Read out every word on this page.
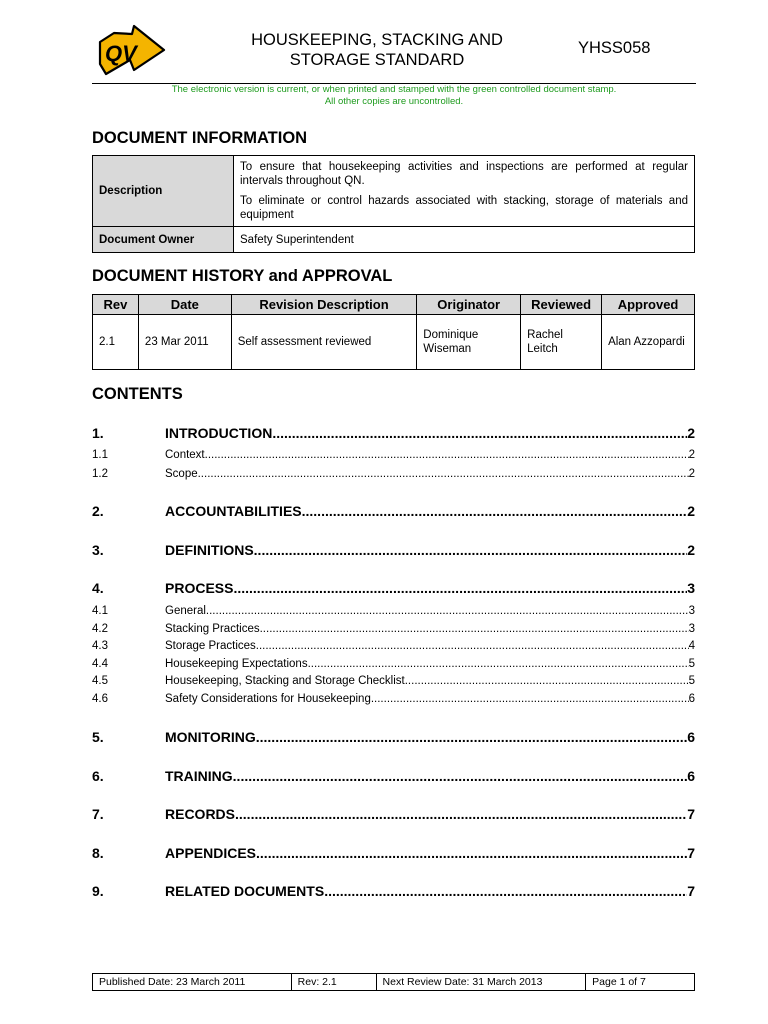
QV
HOUSKEEPING, STACKING AND
STORAGE STANDARD
YHSS058
The electronic version is current, or when printed and stamped with the green controlled document stamp.
All other copies are uncontrolled.
DOCUMENT INFORMATION
Description	To ensure that housekeeping activities and inspections are performed at regular intervals throughout QN.

To eliminate or control hazards associated with stacking, storage of materials and equipment

Document Owner	Safety Superintendent
DOCUMENT HISTORY and APPROVAL
Rev	Date	Revision Description	Originator	Reviewed	Approved
2.1	23 Mar 2011	Self assessment reviewed	Dominique Wiseman	Rachel Leitch	Alan Azzopardi
CONTENTS
1.	INTRODUCTION .....	2
1.1	Context .....	2
1.2	Scope .....	2
2.	ACCOUNTABILITIES .....	2
3.	DEFINITIONS .....	2
4.	PROCESS .....	3
4.1	General .....	3
4.2	Stacking Practices .....	3
4.3	Storage Practices .....	4
4.4	Housekeeping Expectations .....	5
4.5	Housekeeping, Stacking and Storage Checklist .....	5
4.6	Safety Considerations for Housekeeping .....	6
5.	MONITORING .....	6
6.	TRAINING .....	6
7.	RECORDS .....	7
8.	APPENDICES .....	7
9.	RELATED DOCUMENTS .....	7
Published Date: 23 March 2011	Rev: 2.1	Next Review Date: 31 March 2013	Page 1 of 7
